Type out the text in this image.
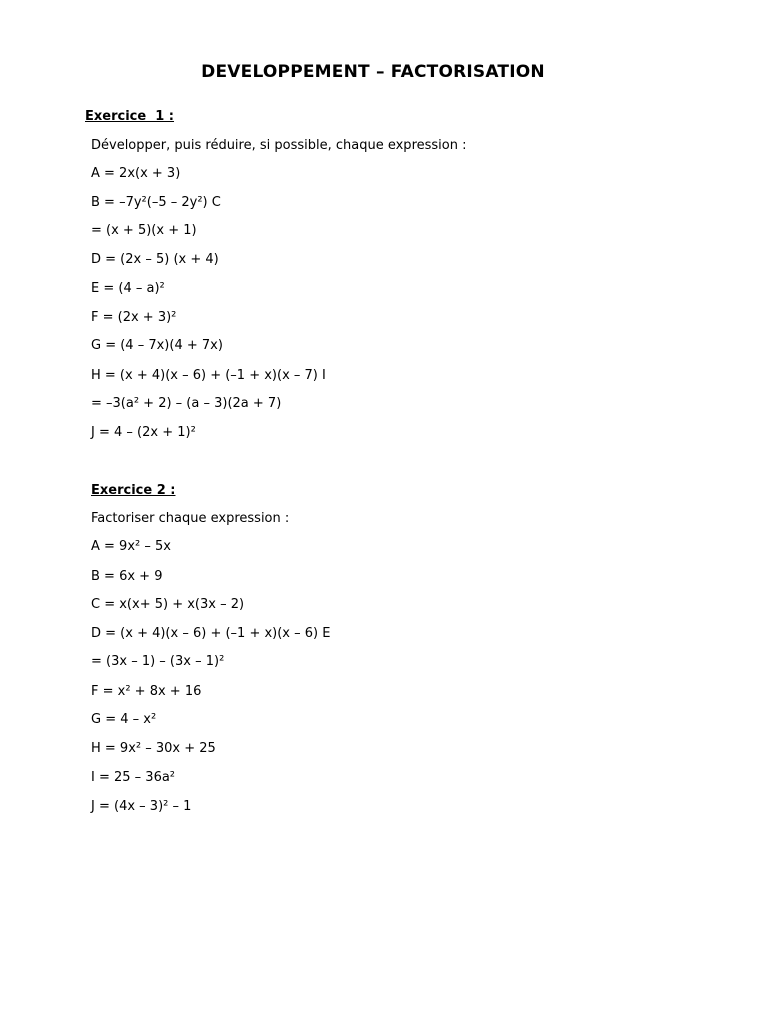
DEVELOPPEMENT – FACTORISATION

Exercice  1 :

Développer, puis réduire, si possible, chaque expression :

A = 2x(x + 3)

B = –7y²(–5 – 2y²) C

= (x + 5)(x + 1)

D = (2x – 5) (x + 4)

E = (4 – a)²

F = (2x + 3)²

G = (4 – 7x)(4 + 7x)

H = (x + 4)(x – 6) + (–1 + x)(x – 7) I

= –3(a² + 2) – (a – 3)(2a + 7)

J = 4 – (2x + 1)²

Exercice 2 :

Factoriser chaque expression :

A = 9x² – 5x

B = 6x + 9

C = x(x+ 5) + x(3x – 2)

D = (x + 4)(x – 6) + (–1 + x)(x – 6) E

= (3x – 1) – (3x – 1)²

F = x² + 8x + 16

G = 4 – x²

H = 9x² – 30x + 25

I = 25 – 36a²

J = (4x – 3)² – 1
